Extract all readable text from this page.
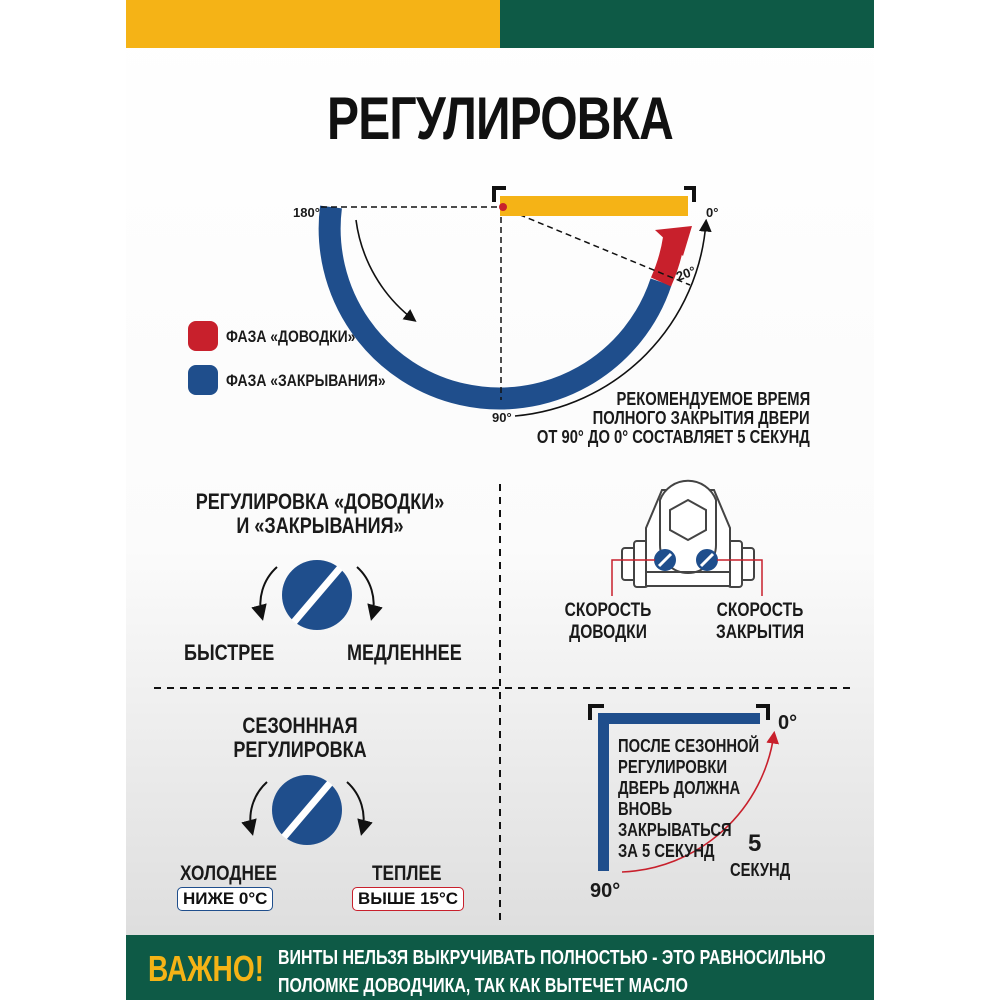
РЕГУЛИРОВКА
180°	0°
20°
90°
ФАЗА «ДОВОДКИ»
ФАЗА «ЗАКРЫВАНИЯ»
РЕКОМЕНДУЕМОЕ ВРЕМЯ
ПОЛНОГО ЗАКРЫТИЯ ДВЕРИ
ОТ 90° ДО 0° СОСТАВЛЯЕТ 5 СЕКУНД
РЕГУЛИРОВКА «ДОВОДКИ»
И «ЗАКРЫВАНИЯ»
БЫСТРЕЕ	МЕДЛЕННЕЕ
СКОРОСТЬ
ДОВОДКИ
СКОРОСТЬ
ЗАКРЫТИЯ
СЕЗОНННАЯ
РЕГУЛИРОВКА
ХОЛОДНЕЕ
НИЖЕ 0°С
ТЕПЛЕЕ
ВЫШЕ 15°С
0°
90°
ПОСЛЕ СЕЗОННОЙ
РЕГУЛИРОВКИ
ДВЕРЬ ДОЛЖНА
ВНОВЬ
ЗАКРЫВАТЬСЯ
ЗА 5 СЕКУНД	5
СЕКУНД
ВАЖНО! ВИНТЫ НЕЛЬЗЯ ВЫКРУЧИВАТЬ ПОЛНОСТЬЮ - ЭТО РАВНОСИЛЬНО
ПОЛОМКЕ ДОВОДЧИКА, ТАК КАК ВЫТЕЧЕТ МАСЛО
